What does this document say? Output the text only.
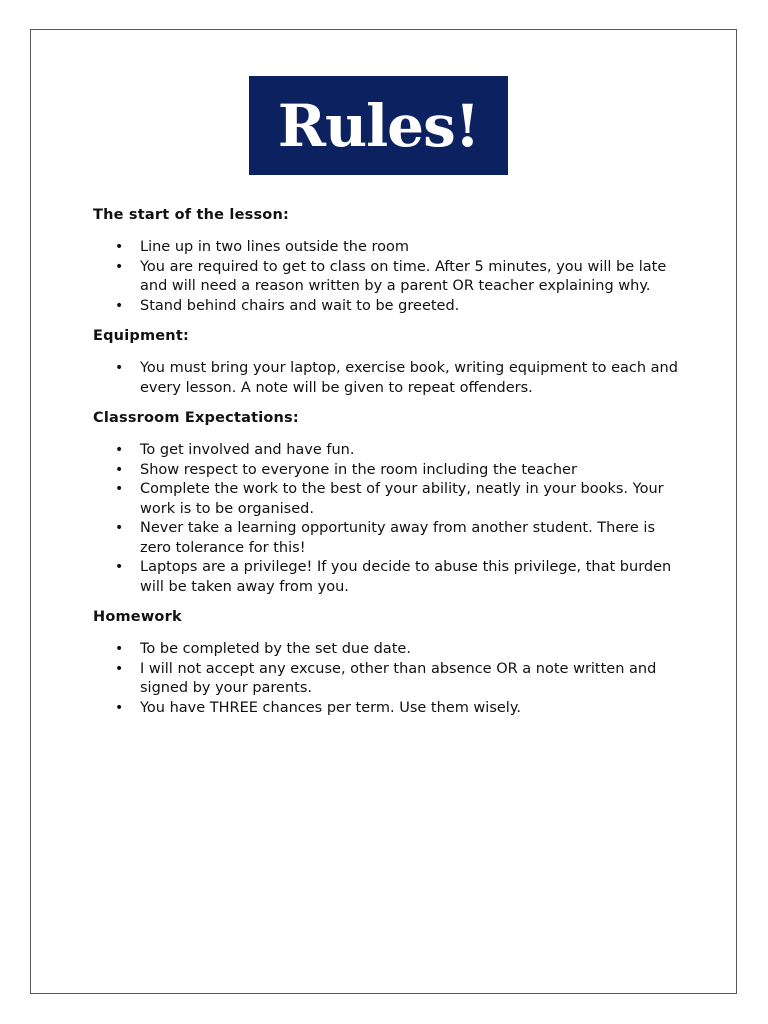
Rules!
The start of the lesson:
• Line up in two lines outside the room
• You are required to get to class on time. After 5 minutes, you will be late and will need a reason written by a parent OR teacher explaining why.
• Stand behind chairs and wait to be greeted.
Equipment:
• You must bring your laptop, exercise book, writing equipment to each and every lesson. A note will be given to repeat offenders.
Classroom Expectations:
• To get involved and have fun.
• Show respect to everyone in the room including the teacher
• Complete the work to the best of your ability, neatly in your books. Your work is to be organised.
• Never take a learning opportunity away from another student. There is zero tolerance for this!
• Laptops are a privilege! If you decide to abuse this privilege, that burden will be taken away from you.
Homework
• To be completed by the set due date.
• I will not accept any excuse, other than absence OR a note written and signed by your parents.
• You have THREE chances per term. Use them wisely.
